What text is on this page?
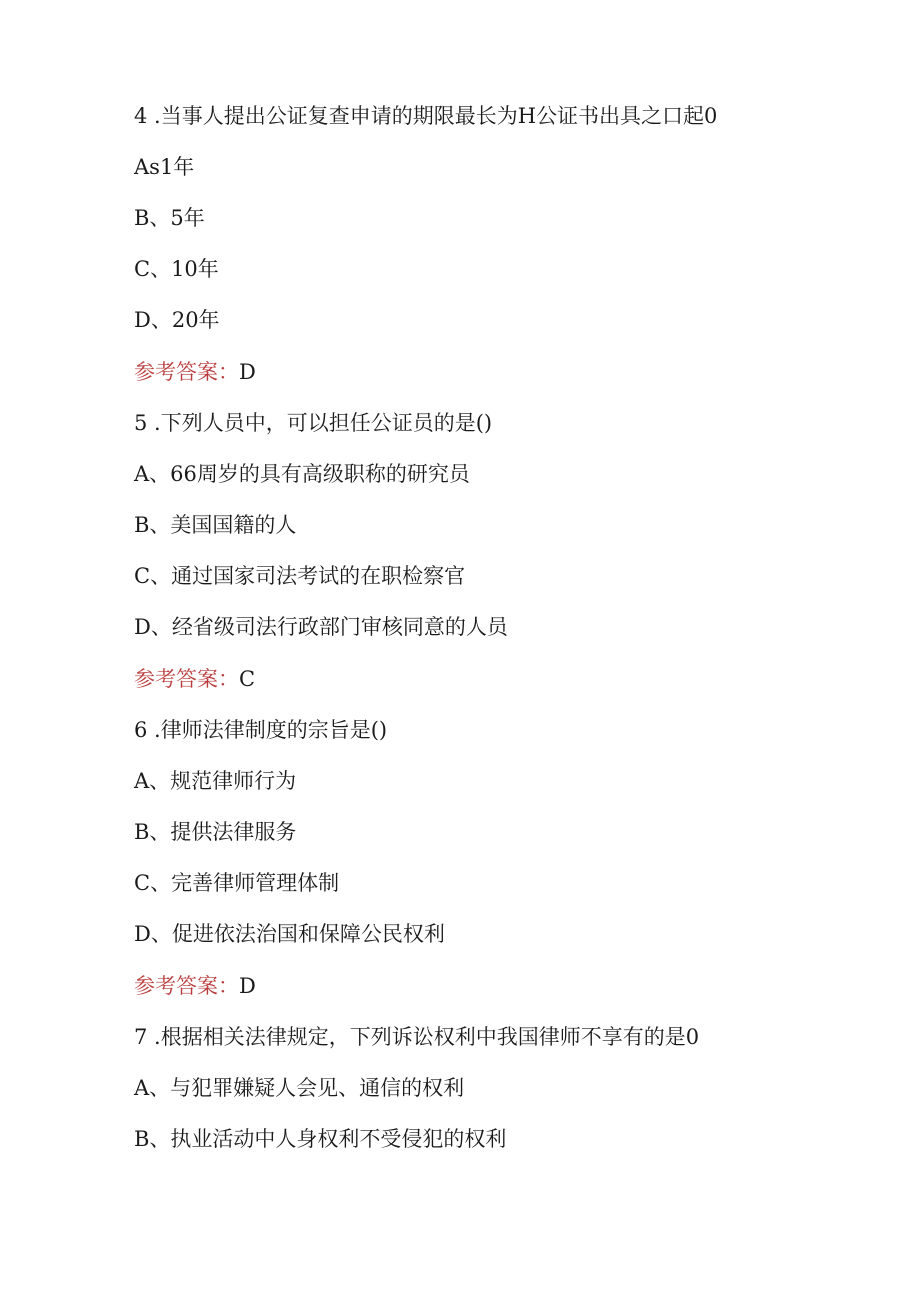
4 .当事人提出公证复查申请的期限最长为H公证书出具之口起0
As1年
B、5年
C、10年
D、20年
参考答案：D
5 .下列人员中，可以担任公证员的是()
A、66周岁的具有高级职称的研究员
B、美国国籍的人
C、通过国家司法考试的在职检察官
D、经省级司法行政部门审核同意的人员
参考答案：C
6 .律师法律制度的宗旨是()
A、规范律师行为
B、提供法律服务
C、完善律师管理体制
D、促进依法治国和保障公民权利
参考答案：D
7 .根据相关法律规定，下列诉讼权利中我国律师不享有的是0
A、与犯罪嫌疑人会见、通信的权利
B、执业活动中人身权利不受侵犯的权利
